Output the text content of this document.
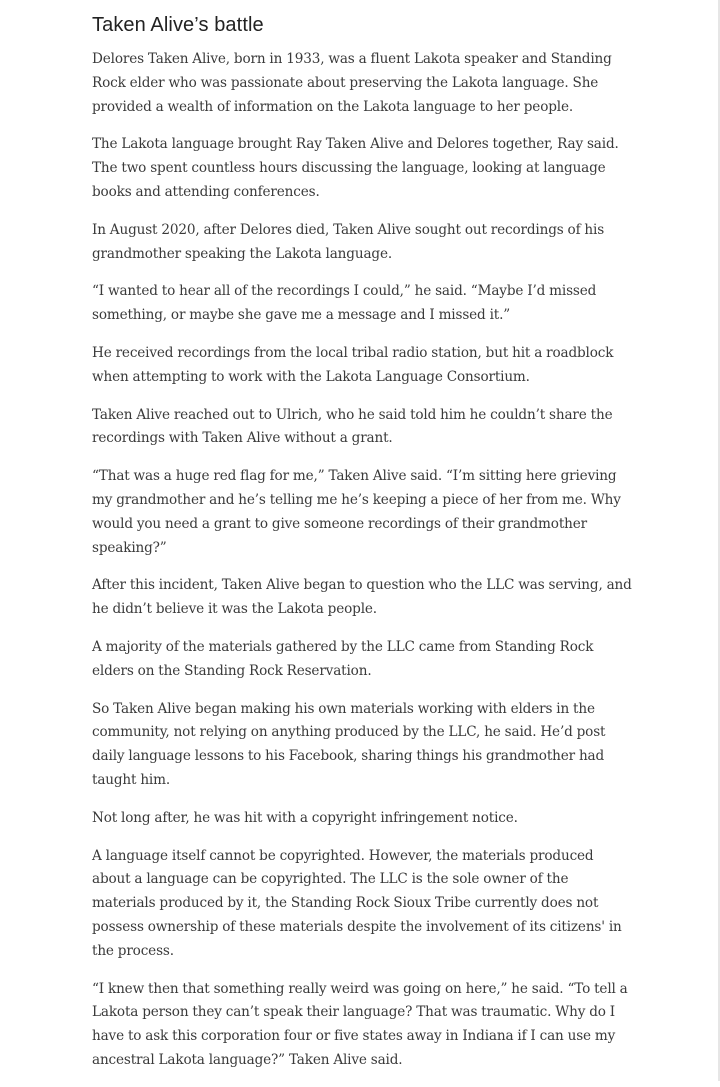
Taken Alive’s battle

Delores Taken Alive, born in 1933, was a fluent Lakota speaker and Standing Rock elder who was passionate about preserving the Lakota language. She provided a wealth of information on the Lakota language to her people.

The Lakota language brought Ray Taken Alive and Delores together, Ray said. The two spent countless hours discussing the language, looking at language books and attending conferences.

In August 2020, after Delores died, Taken Alive sought out recordings of his grandmother speaking the Lakota language.

“I wanted to hear all of the recordings I could,” he said. “Maybe I’d missed something, or maybe she gave me a message and I missed it.”

He received recordings from the local tribal radio station, but hit a roadblock when attempting to work with the Lakota Language Consortium.

Taken Alive reached out to Ulrich, who he said told him he couldn’t share the recordings with Taken Alive without a grant.

“That was a huge red flag for me,” Taken Alive said. “I’m sitting here grieving my grandmother and he’s telling me he’s keeping a piece of her from me. Why would you need a grant to give someone recordings of their grandmother speaking?”

After this incident, Taken Alive began to question who the LLC was serving, and he didn’t believe it was the Lakota people.

A majority of the materials gathered by the LLC came from Standing Rock elders on the Standing Rock Reservation.

So Taken Alive began making his own materials working with elders in the community, not relying on anything produced by the LLC, he said. He’d post daily language lessons to his Facebook, sharing things his grandmother had taught him.

Not long after, he was hit with a copyright infringement notice.

A language itself cannot be copyrighted. However, the materials produced about a language can be copyrighted. The LLC is the sole owner of the materials produced by it, the Standing Rock Sioux Tribe currently does not possess ownership of these materials despite the involvement of its citizens' in the process.

“I knew then that something really weird was going on here,” he said. “To tell a Lakota person they can’t speak their language? That was traumatic. Why do I have to ask this corporation four or five states away in Indiana if I can use my ancestral Lakota language?” Taken Alive said.
